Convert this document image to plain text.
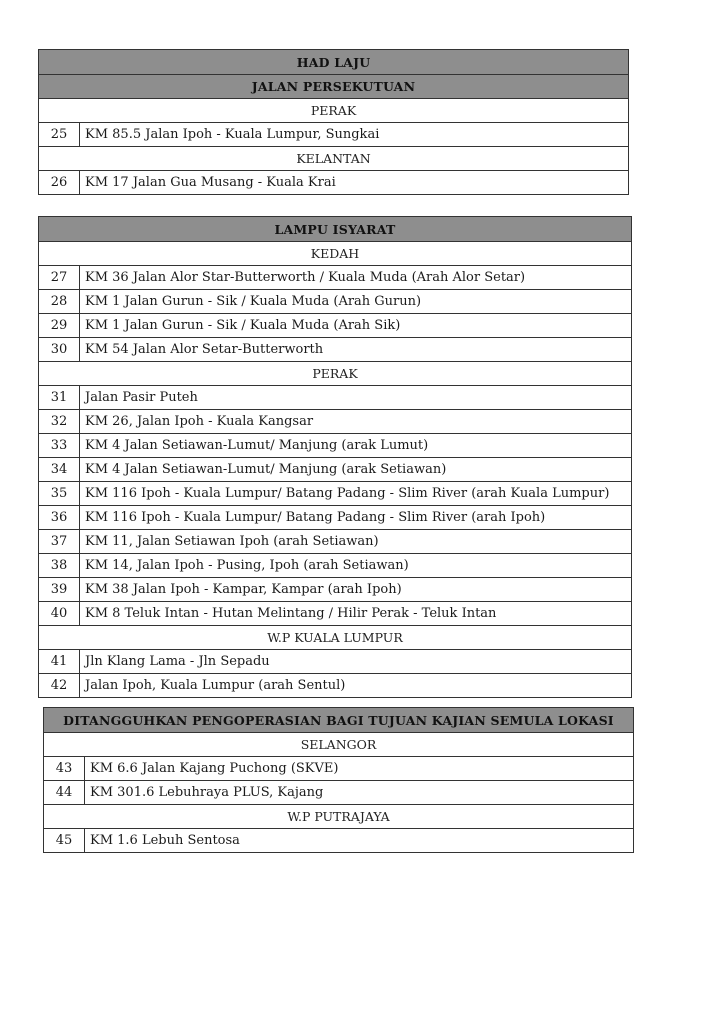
HAD LAJU
JALAN PERSEKUTUAN
PERAK
25	KM 85.5 Jalan Ipoh - Kuala Lumpur, Sungkai
KELANTAN
26	KM 17 Jalan Gua Musang - Kuala Krai
LAMPU ISYARAT
KEDAH
27	KM 36 Jalan Alor Star-Butterworth / Kuala Muda (Arah Alor Setar)
28	KM 1 Jalan Gurun - Sik / Kuala Muda (Arah Gurun)
29	KM 1 Jalan Gurun - Sik / Kuala Muda (Arah Sik)
30	KM 54 Jalan Alor Setar-Butterworth
PERAK
31	Jalan Pasir Puteh
32	KM 26, Jalan Ipoh - Kuala Kangsar
33	KM 4 Jalan Setiawan-Lumut/ Manjung (arak Lumut)
34	KM 4 Jalan Setiawan-Lumut/ Manjung (arak Setiawan)
35	KM 116 Ipoh - Kuala Lumpur/ Batang Padang - Slim River (arah Kuala Lumpur)
36	KM 116 Ipoh - Kuala Lumpur/ Batang Padang - Slim River (arah Ipoh)
37	KM 11, Jalan Setiawan Ipoh (arah Setiawan)
38	KM 14, Jalan Ipoh - Pusing, Ipoh (arah Setiawan)
39	KM 38 Jalan Ipoh - Kampar, Kampar (arah Ipoh)
40	KM 8 Teluk Intan - Hutan Melintang / Hilir Perak - Teluk Intan
W.P KUALA LUMPUR
41	Jln Klang Lama - Jln Sepadu
42	Jalan Ipoh, Kuala Lumpur (arah Sentul)
DITANGGUHKAN PENGOPERASIAN BAGI TUJUAN KAJIAN SEMULA LOKASI
SELANGOR
43	KM 6.6 Jalan Kajang Puchong (SKVE)
44	KM 301.6 Lebuhraya PLUS, Kajang
W.P PUTRAJAYA
45	KM 1.6 Lebuh Sentosa
